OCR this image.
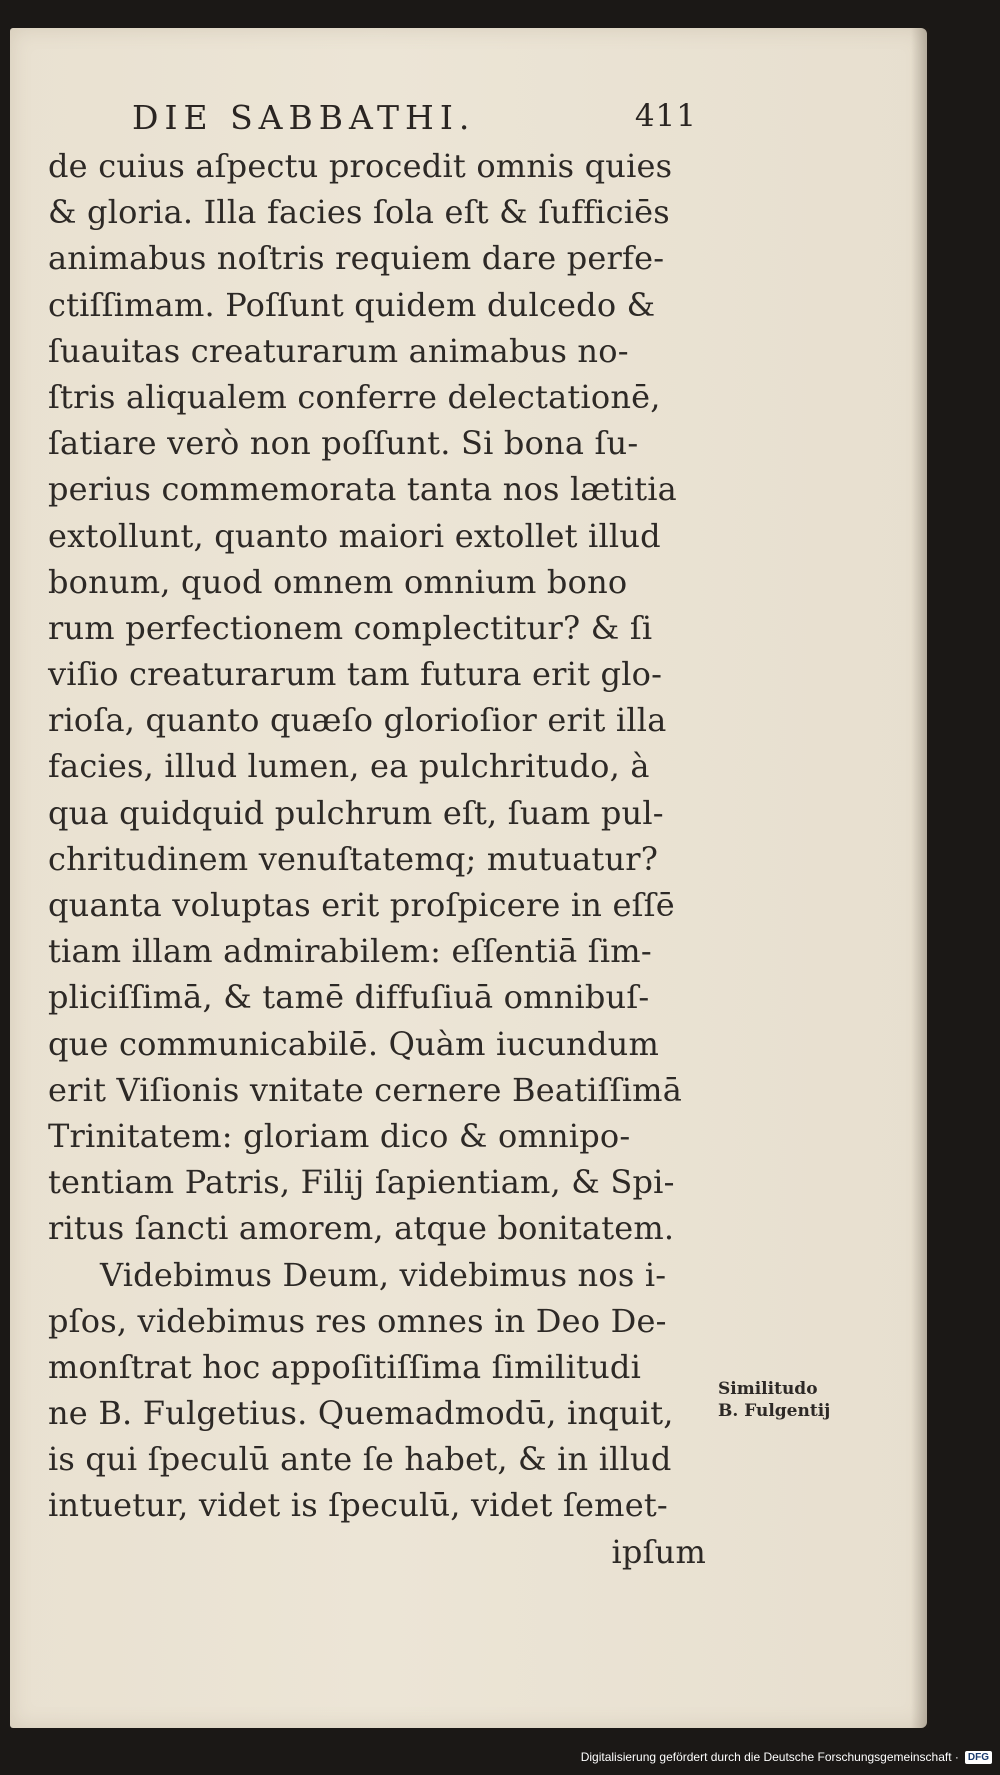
DIE SABBATHI.	411
de cuius aſpectu procedit omnis quies
& gloria. Illa facies ſola eſt & ſufficiēs
animabus noſtris requiem dare perfe-
ctiſſimam. Poſſunt quidem dulcedo &
ſuauitas creaturarum animabus no-
ſtris aliqualem conferre delectationē,
ſatiare verò non poſſunt. Si bona ſu-
perius commemorata tanta nos lætitia
extollunt, quanto maiori extollet illud
bonum, quod omnem omnium bono
rum perfectionem complectitur? & ſi
viſio creaturarum tam futura erit glo-
rioſa, quanto quæſo glorioſior erit illa
facies, illud lumen, ea pulchritudo, à
qua quidquid pulchrum eſt, ſuam pul-
chritudinem venuſtatemq; mutuatur?
quanta voluptas erit proſpicere in eſſē
tiam illam admirabilem: eſſentiā ſim-
pliciſſimā, & tamē diffuſiuā omnibuſ-
que communicabilē. Quàm iucundum
erit Viſionis vnitate cernere Beatiſſimā
Trinitatem: gloriam dico & omnipo-
tentiam Patris, Filij ſapientiam, & Spi-
ritus ſancti amorem, atque bonitatem.
Videbimus Deum, videbimus nos i-
pſos, videbimus res omnes in Deo De-
monſtrat hoc appoſitiſſima ſimilitudi
ne B. Fulgetius. Quemadmodū, inquit,
is qui ſpeculū ante ſe habet, & in illud
intuetur, videt is ſpeculū, videt ſemet-
ipſum
Similitudo
B. Fulgentij
Digitalisierung gefördert durch die Deutsche Forschungsgemeinschaft · DFG
